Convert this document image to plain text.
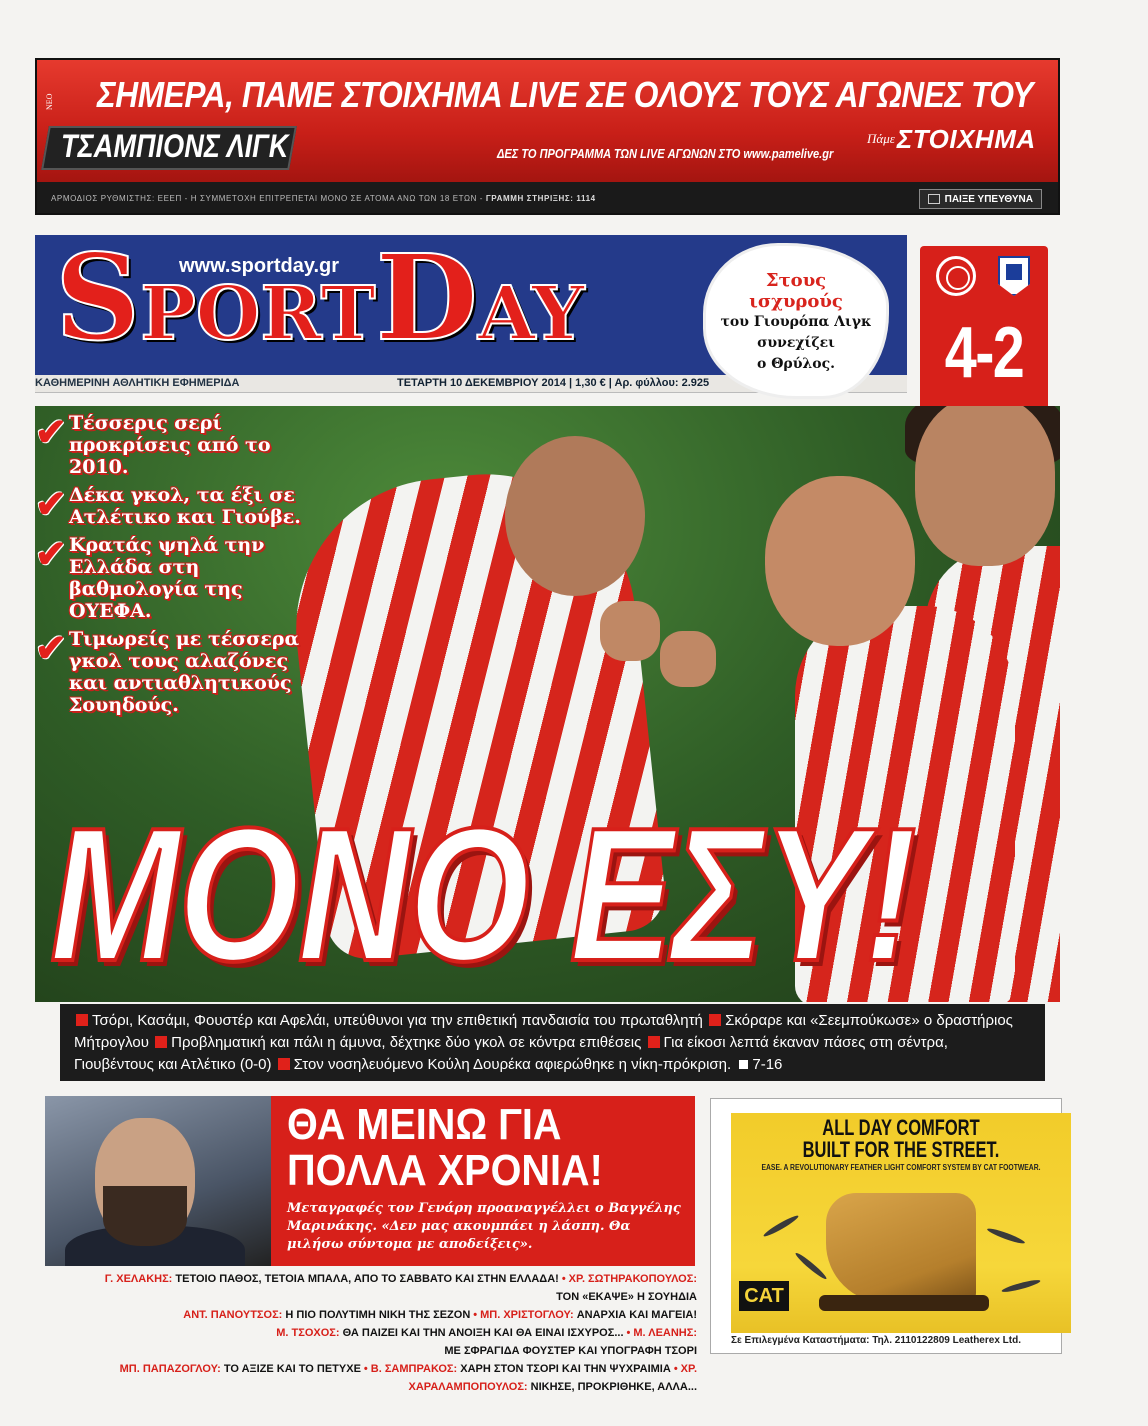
NEO ΣΗΜΕΡΑ, ΠΑΜΕ ΣΤΟΙΧΗΜΑ LIVE ΣΕ ΟΛΟΥΣ ΤΟΥΣ ΑΓΩΝΕΣ ΤΟΥ
ΤΣΑΜΠΙΟΝΣ ΛΙΓΚ	ΔΕΣ ΤΟ ΠΡΟΓΡΑΜΜΑ ΤΩΝ LIVE ΑΓΩΝΩΝ ΣΤΟ www.pamelive.gr
Πάμε ΣΤΟΙΧΗΜΑ
ΑΡΜΟΔΙΟΣ ΡΥΘΜΙΣΤΗΣ: ΕΕΕΠ - Η ΣΥΜΜΕΤΟΧΗ ΕΠΙΤΡΕΠΕΤΑΙ ΜΟΝΟ ΣΕ ΑΤΟΜΑ ΑΝΩ ΤΩΝ 18 ΕΤΩΝ - ΓΡΑΜΜΗ ΣΤΗΡΙΞΗΣ: 1114	ΠΑΙΞΕ ΥΠΕΥΘΥΝΑ
SPORTDAY
www.sportday.gr
ΚΑΘΗΜΕΡΙΝΗ ΑΘΛΗΤΙΚΗ ΕΦΗΜΕΡΙΔΑ	ΤΕΤΑΡΤΗ 10 ΔΕΚΕΜΒΡΙΟΥ 2014 | 1,30 € | Αρ. φύλλου: 2.925
Στους
ισχυρούς
του Γιουρόπα Λιγκ
συνεχίζει
ο Θρύλος.	4-2
✔ Τέσσερις σερί προκρίσεις από το 2010.
✔ Δέκα γκολ, τα έξι σε Ατλέτικο και Γιούβε.
✔ Κρατάς ψηλά την Ελλάδα στη βαθμολογία της ΟΥΕΦΑ.
✔ Τιμωρείς με τέσσερα γκολ τους αλαζόνες και αντιαθλητικούς Σουηδούς.
ΜΟΝΟ ΕΣΥ!
Τσόρι, Κασάμι, Φουστέρ και Αφελάι, υπεύθυνοι για την επιθετική πανδαισία του πρωταθλητή Σκόραρε και «Σεεμπούκωσε» ο δραστήριος Μήτρογλου Προβληματική και πάλι η άμυνα, δέχτηκε δύο γκολ σε κόντρα επιθέσεις Για είκοσι λεπτά έκαναν πάσες στη σέντρα, Γιουβέντους και Ατλέτικο (0-0) Στον νοσηλευόμενο Κούλη Δουρέκα αφιερώθηκε η νίκη-πρόκριση. 7-16
ΘΑ ΜΕΙΝΩ ΓΙΑ
ΠΟΛΛΑ ΧΡΟΝΙΑ!
Μεταγραφές τον Γενάρη προαναγγέλλει ο Βαγγέλης Μαρινάκης. «Δεν μας ακουμπάει η λάσπη. Θα μιλήσω σύντομα με αποδείξεις».
Γ. ΧΕΛΑΚΗΣ: ΤΕΤΟΙΟ ΠΑΘΟΣ, ΤΕΤΟΙΑ ΜΠΑΛΑ, ΑΠΟ ΤΟ ΣΑΒΒΑΤΟ ΚΑΙ ΣΤΗΝ ΕΛΛΑΔΑ! • ΧΡ. ΣΩΤΗΡΑΚΟΠΟΥΛΟΣ: ΤΟΝ «ΕΚΑΨΕ» Η ΣΟΥΗΔΙΑ
ΑΝΤ. ΠΑΝΟΥΤΣΟΣ: Η ΠΙΟ ΠΟΛΥΤΙΜΗ ΝΙΚΗ ΤΗΣ ΣΕΖΟΝ • ΜΠ. ΧΡΙΣΤΟΓΛΟΥ: ΑΝΑΡΧΙΑ ΚΑΙ ΜΑΓΕΙΑ!
Μ. ΤΣΟΧΟΣ: ΘΑ ΠΑΙΖΕΙ ΚΑΙ ΤΗΝ ΑΝΟΙΞΗ ΚΑΙ ΘΑ ΕΙΝΑΙ ΙΣΧΥΡΟΣ... • Μ. ΛΕΑΝΗΣ: ΜΕ ΣΦΡΑΓΙΔΑ ΦΟΥΣΤΕΡ ΚΑΙ ΥΠΟΓΡΑΦΗ ΤΣΟΡΙ
ΜΠ. ΠΑΠΑΖΟΓΛΟΥ: ΤΟ ΑΞΙΖΕ ΚΑΙ ΤΟ ΠΕΤΥΧΕ • Β. ΣΑΜΠΡΑΚΟΣ: ΧΑΡΗ ΣΤΟΝ ΤΣΟΡΙ ΚΑΙ ΤΗΝ ΨΥΧΡΑΙΜΙΑ • ΧΡ. ΧΑΡΑΛΑΜΠΟΠΟΥΛΟΣ: ΝΙΚΗΣΕ, ΠΡΟΚΡΙΘΗΚΕ, ΑΛΛΑ...
ALL DAY COMFORT
BUILT FOR THE STREET.
EASE. A REVOLUTIONARY FEATHER LIGHT COMFORT SYSTEM BY CAT FOOTWEAR.
CAT
Σε Επιλεγμένα Καταστήματα: Τηλ. 2110122809 Leatherex Ltd.
